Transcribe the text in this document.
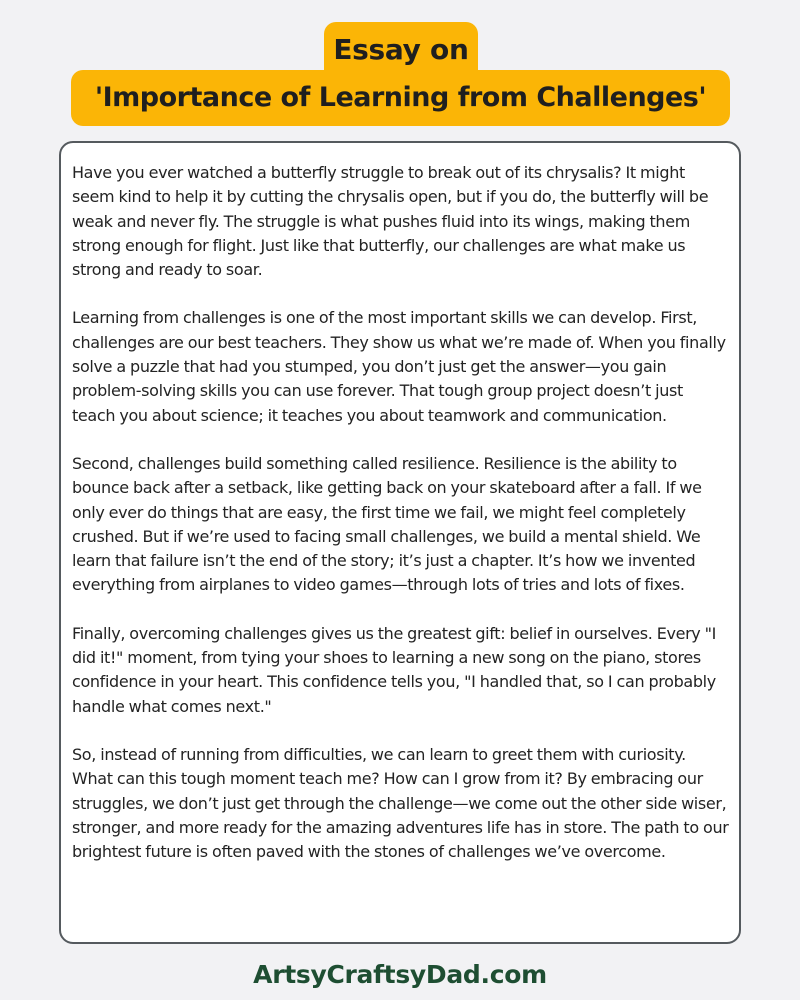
Essay on
'Importance of Learning from Challenges'

Have you ever watched a butterfly struggle to break out of its chrysalis? It might seem kind to help it by cutting the chrysalis open, but if you do, the butterfly will be weak and never fly. The struggle is what pushes fluid into its wings, making them strong enough for flight. Just like that butterfly, our challenges are what make us strong and ready to soar.

Learning from challenges is one of the most important skills we can develop. First, challenges are our best teachers. They show us what we’re made of. When you finally solve a puzzle that had you stumped, you don’t just get the answer—you gain problem-solving skills you can use forever. That tough group project doesn’t just teach you about science; it teaches you about teamwork and communication.

Second, challenges build something called resilience. Resilience is the ability to bounce back after a setback, like getting back on your skateboard after a fall. If we only ever do things that are easy, the first time we fail, we might feel completely crushed. But if we’re used to facing small challenges, we build a mental shield. We learn that failure isn’t the end of the story; it’s just a chapter. It’s how we invented everything from airplanes to video games—through lots of tries and lots of fixes.

Finally, overcoming challenges gives us the greatest gift: belief in ourselves. Every "I did it!" moment, from tying your shoes to learning a new song on the piano, stores confidence in your heart. This confidence tells you, "I handled that, so I can probably handle what comes next."

So, instead of running from difficulties, we can learn to greet them with curiosity. What can this tough moment teach me? How can I grow from it? By embracing our struggles, we don’t just get through the challenge—we come out the other side wiser, stronger, and more ready for the amazing adventures life has in store. The path to our brightest future is often paved with the stones of challenges we’ve overcome.

ArtsyCraftsyDad.com
